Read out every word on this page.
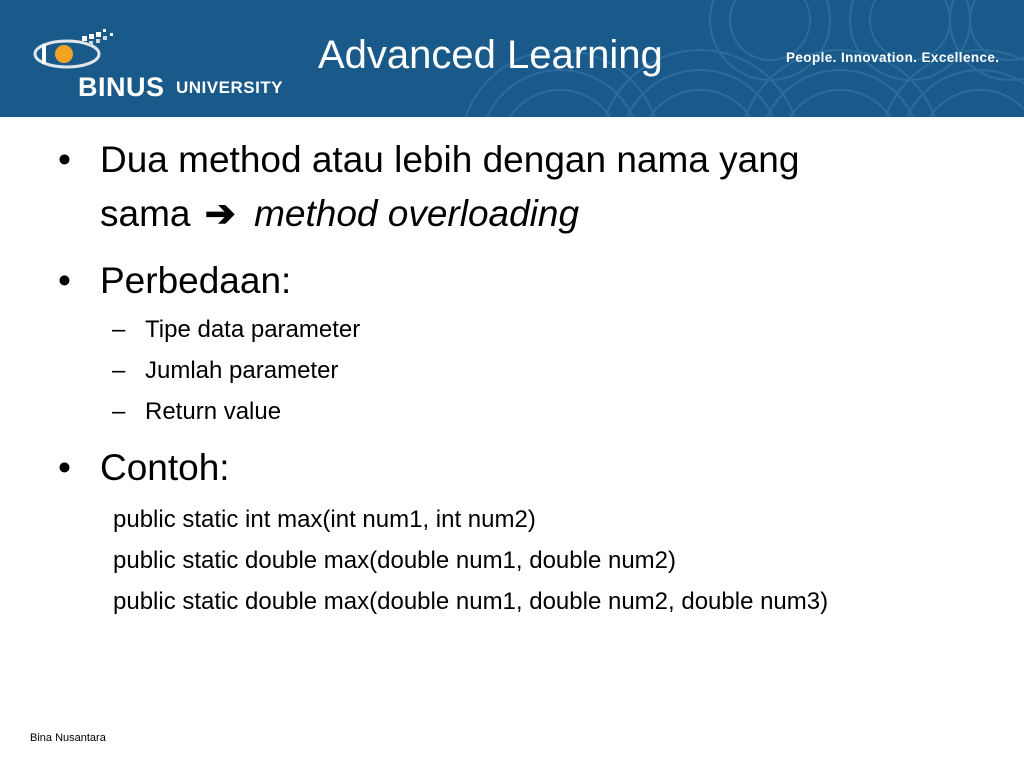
BINUS UNIVERSITY
Advanced Learning	People. Innovation. Excellence.
• Dua method atau lebih dengan nama yang
sama ➔ method overloading
• Perbedaan:
– Tipe data parameter
– Jumlah parameter
– Return value
• Contoh:
public static int max(int num1, int num2)
public static double max(double num1, double num2)
public static double max(double num1, double num2, double num3)
Bina Nusantara
